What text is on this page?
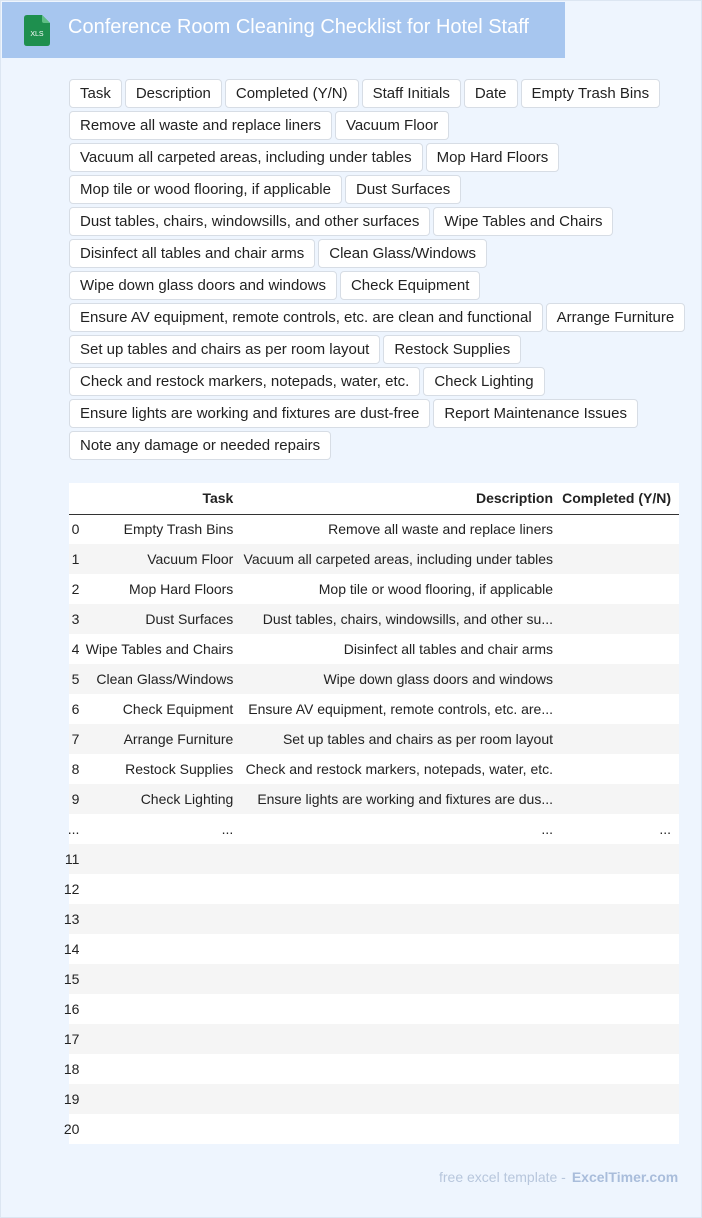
XLS Conference Room Cleaning Checklist for Hotel Staff
Task	Description	Completed (Y/N)	Staff Initials	Date	Empty Trash Bins
Remove all waste and replace liners	Vacuum Floor
Vacuum all carpeted areas, including under tables	Mop Hard Floors
Mop tile or wood flooring, if applicable	Dust Surfaces
Dust tables, chairs, windowsills, and other surfaces	Wipe Tables and Chairs
Disinfect all tables and chair arms	Clean Glass/Windows
Wipe down glass doors and windows	Check Equipment
Ensure AV equipment, remote controls, etc. are clean and functional	Arrange Furniture
Set up tables and chairs as per room layout	Restock Supplies
Check and restock markers, notepads, water, etc.	Check Lighting
Ensure lights are working and fixtures are dust-free	Report Maintenance Issues
Note any damage or needed repairs
	Task	Description	Completed (Y/N)
0	Empty Trash Bins	Remove all waste and replace liners	
1	Vacuum Floor	Vacuum all carpeted areas, including under tables	
2	Mop Hard Floors	Mop tile or wood flooring, if applicable	
3	Dust Surfaces	Dust tables, chairs, windowsills, and other su...	
4	Wipe Tables and Chairs	Disinfect all tables and chair arms	
5	Clean Glass/Windows	Wipe down glass doors and windows	
6	Check Equipment	Ensure AV equipment, remote controls, etc. are...	
7	Arrange Furniture	Set up tables and chairs as per room layout	
8	Restock Supplies	Check and restock markers, notepads, water, etc.	
9	Check Lighting	Ensure lights are working and fixtures are dus...	
...	...	...	...
11			
12			
13			
14			
15			
16			
17			
18			
19			
20			
free excel template - ExcelTimer.com
